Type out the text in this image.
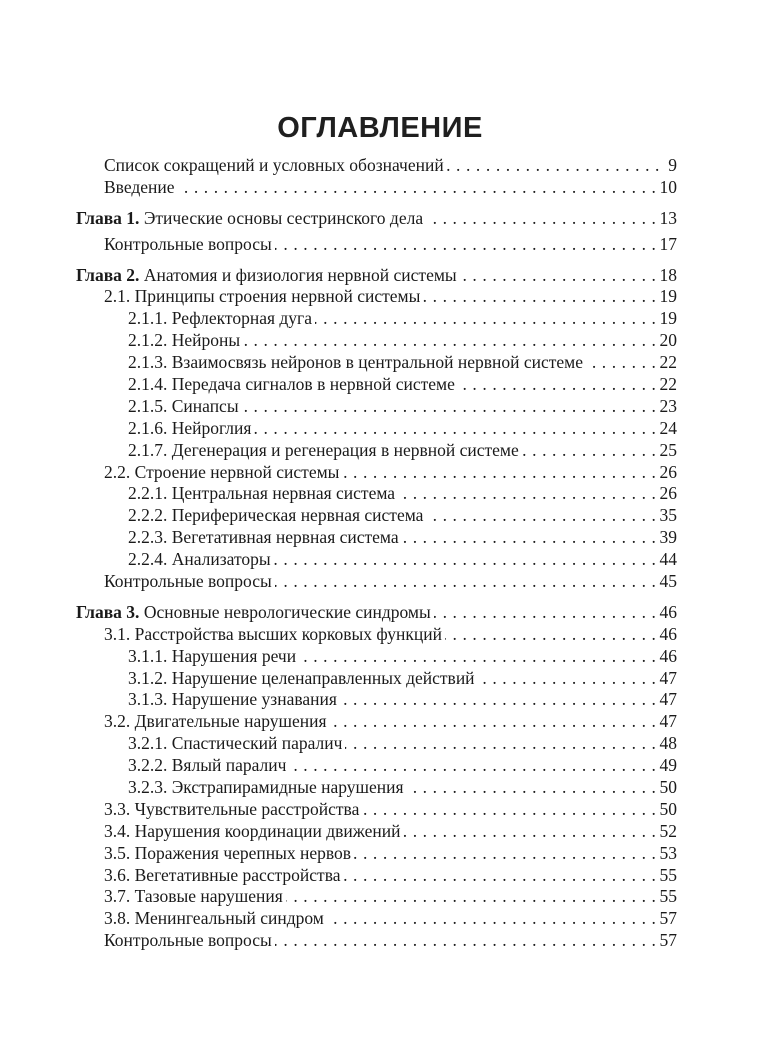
ОГЛАВЛЕНИЕ
Список сокращений и условных обозначений . . .	9
Введение . . .	10
Глава 1. Этические основы сестринского дела . . .	13
Контрольные вопросы . . .	17
Глава 2. Анатомия и физиология нервной системы . . .	18
2.1. Принципы строения нервной системы . . .	19
2.1.1. Рефлекторная дуга . . .	19
2.1.2. Нейроны . . .	20
2.1.3. Взаимосвязь нейронов в центральной нервной системе . . .	22
2.1.4. Передача сигналов в нервной системе . . .	22
2.1.5. Синапсы . . .	23
2.1.6. Нейроглия . . .	24
2.1.7. Дегенерация и регенерация в нервной системе . . .	25
2.2. Строение нервной системы . . .	26
2.2.1. Центральная нервная система . . .	26
2.2.2. Периферическая нервная система . . .	35
2.2.3. Вегетативная нервная система . . .	39
2.2.4. Анализаторы . . .	44
Контрольные вопросы . . .	45
Глава 3. Основные неврологические синдромы . . .	46
3.1. Расстройства высших корковых функций . . .	46
3.1.1. Нарушения речи . . .	46
3.1.2. Нарушение целенаправленных действий . . .	47
3.1.3. Нарушение узнавания . . .	47
3.2. Двигательные нарушения . . .	47
3.2.1. Спастический паралич . . .	48
3.2.2. Вялый паралич . . .	49
3.2.3. Экстрапирамидные нарушения . . .	50
3.3. Чувствительные расстройства . . .	50
3.4. Нарушения координации движений . . .	52
3.5. Поражения черепных нервов . . .	53
3.6. Вегетативные расстройства . . .	55
3.7. Тазовые нарушения . . .	55
3.8. Менингеальный синдром . . .	57
Контрольные вопросы . . .	57
